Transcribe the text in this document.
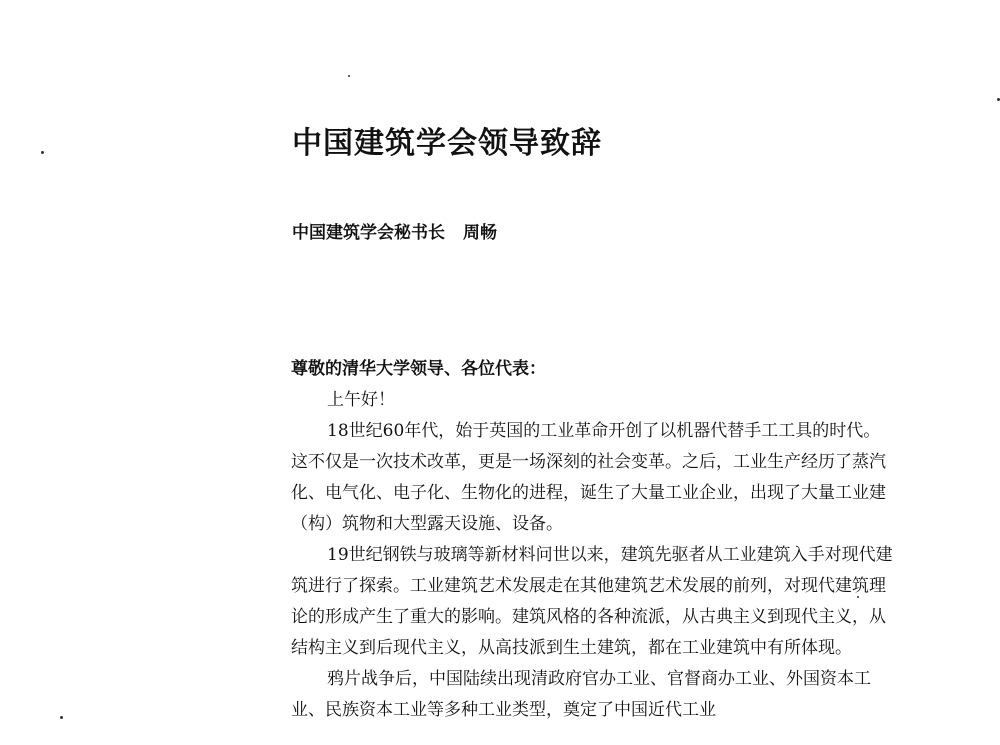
中国建筑学会领导致辞
中国建筑学会秘书长 周畅

尊敬的清华大学领导、各位代表：

上午好！

18世纪60年代，始于英国的工业革命开创了以机器代替手工工具的时代。这不仅是一次技术改革，更是一场深刻的社会变革。之后，工业生产经历了蒸汽化、电气化、电子化、生物化的进程，诞生了大量工业企业，出现了大量工业建（构）筑物和大型露天设施、设备。

19世纪钢铁与玻璃等新材料问世以来，建筑先驱者从工业建筑入手对现代建筑进行了探索。工业建筑艺术发展走在其他建筑艺术发展的前列，对现代建筑理论的形成产生了重大的影响。建筑风格的各种流派，从古典主义到现代主义，从结构主义到后现代主义，从高技派到生土建筑，都在工业建筑中有所体现。

鸦片战争后，中国陆续出现清政府官办工业、官督商办工业、外国资本工业、民族资本工业等多种工业类型，奠定了中国近代工业
